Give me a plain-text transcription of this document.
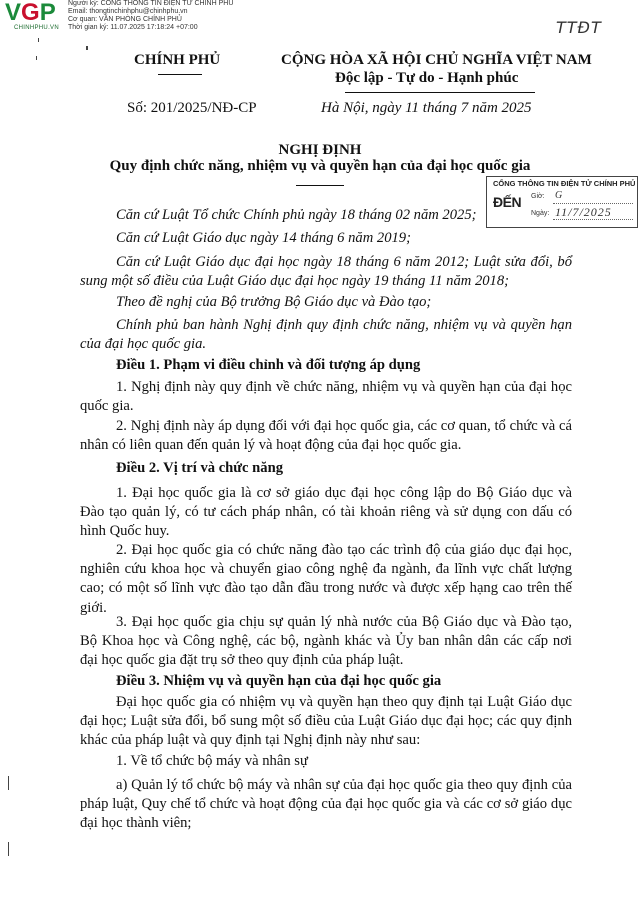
VGP
CHINHPHU.VN
Người ký: CỔNG THÔNG TIN ĐIỆN TỬ CHÍNH PHỦ
Email: thongtinchinhphu@chinhphu.vn
Cơ quan: VĂN PHÒNG CHÍNH PHỦ
Thời gian ký: 11.07.2025 17:18:24 +07:00	TTĐT
CHÍNH PHỦ	CỘNG HÒA XÃ HỘI CHỦ NGHĨA VIỆT NAM
Độc lập - Tự do - Hạnh phúc
Số: 201/2025/NĐ-CP	Hà Nội, ngày 11 tháng 7 năm 2025
NGHỊ ĐỊNH
Quy định chức năng, nhiệm vụ và quyền hạn của đại học quốc gia
CỔNG THÔNG TIN ĐIỆN TỬ CHÍNH PHỦ
ĐẾN Giờ: G
Ngày: 11/7/2025
Căn cứ Luật Tổ chức Chính phủ ngày 18 tháng 02 năm 2025;
Căn cứ Luật Giáo dục ngày 14 tháng 6 năm 2019;
Căn cứ Luật Giáo dục đại học ngày 18 tháng 6 năm 2012; Luật sửa đổi, bổ sung một số điều của Luật Giáo dục đại học ngày 19 tháng 11 năm 2018;
Theo đề nghị của Bộ trưởng Bộ Giáo dục và Đào tạo;
Chính phủ ban hành Nghị định quy định chức năng, nhiệm vụ và quyền hạn của đại học quốc gia.
Điều 1. Phạm vi điều chỉnh và đối tượng áp dụng
1. Nghị định này quy định về chức năng, nhiệm vụ và quyền hạn của đại học quốc gia.
2. Nghị định này áp dụng đối với đại học quốc gia, các cơ quan, tổ chức và cá nhân có liên quan đến quản lý và hoạt động của đại học quốc gia.
Điều 2. Vị trí và chức năng
1. Đại học quốc gia là cơ sở giáo dục đại học công lập do Bộ Giáo dục và Đào tạo quản lý, có tư cách pháp nhân, có tài khoản riêng và sử dụng con dấu có hình Quốc huy.
2. Đại học quốc gia có chức năng đào tạo các trình độ của giáo dục đại học, nghiên cứu khoa học và chuyển giao công nghệ đa ngành, đa lĩnh vực chất lượng cao; có một số lĩnh vực đào tạo dẫn đầu trong nước và được xếp hạng cao trên thế giới.
3. Đại học quốc gia chịu sự quản lý nhà nước của Bộ Giáo dục và Đào tạo, Bộ Khoa học và Công nghệ, các bộ, ngành khác và Ủy ban nhân dân các cấp nơi đại học quốc gia đặt trụ sở theo quy định của pháp luật.
Điều 3. Nhiệm vụ và quyền hạn của đại học quốc gia
Đại học quốc gia có nhiệm vụ và quyền hạn theo quy định tại Luật Giáo dục đại học; Luật sửa đổi, bổ sung một số điều của Luật Giáo dục đại học; các quy định khác của pháp luật và quy định tại Nghị định này như sau:
1. Về tổ chức bộ máy và nhân sự
a) Quản lý tổ chức bộ máy và nhân sự của đại học quốc gia theo quy định của pháp luật, Quy chế tổ chức và hoạt động của đại học quốc gia và các cơ sở giáo dục đại học thành viên;
